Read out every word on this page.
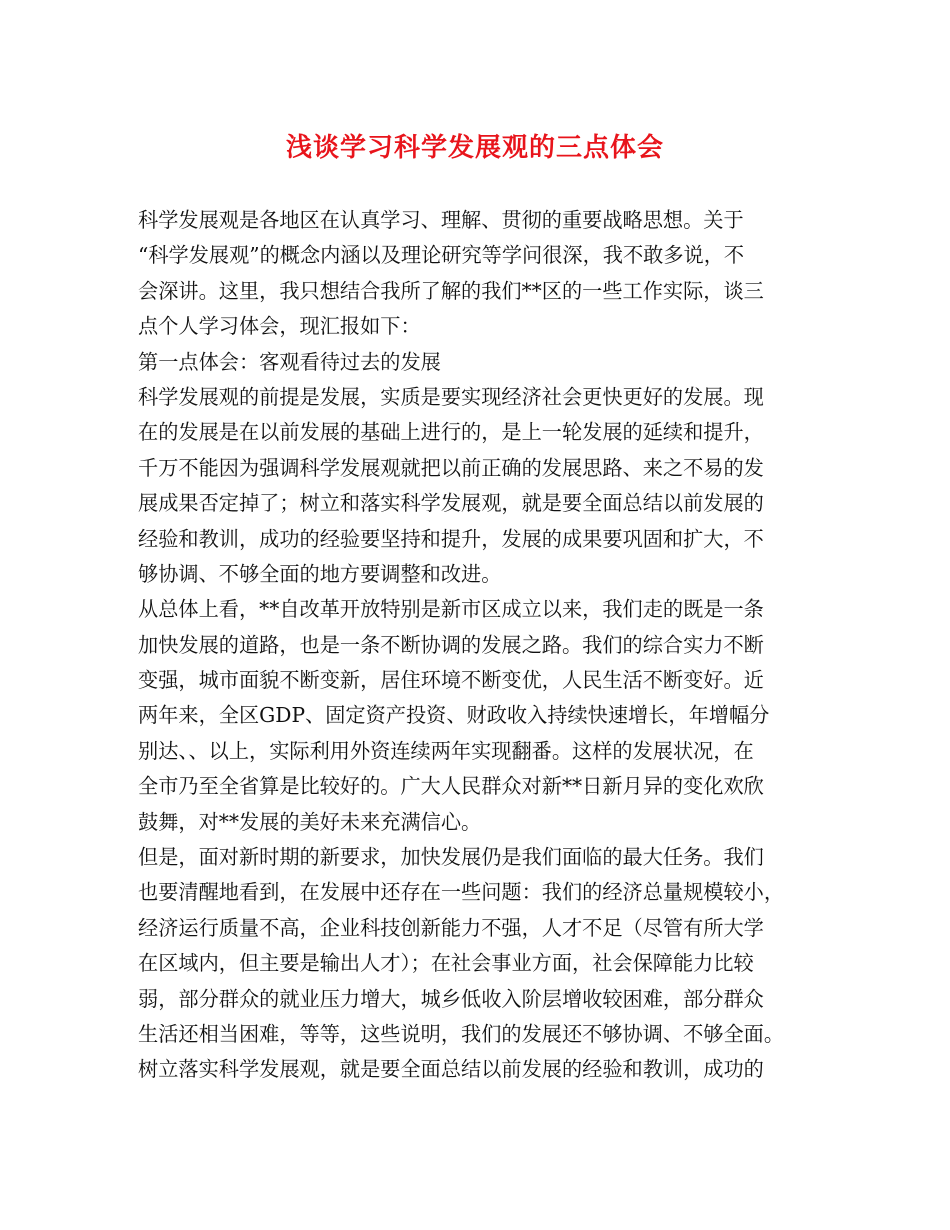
浅谈学习科学发展观的三点体会
科学发展观是各地区在认真学习、理解、贯彻的重要战略思想。关于
“科学发展观”的概念内涵以及理论研究等学问很深，我不敢多说，不
会深讲。这里，我只想结合我所了解的我们**区的一些工作实际，谈三
点个人学习体会，现汇报如下：
第一点体会：客观看待过去的发展
科学发展观的前提是发展，实质是要实现经济社会更快更好的发展。现
在的发展是在以前发展的基础上进行的，是上一轮发展的延续和提升，
千万不能因为强调科学发展观就把以前正确的发展思路、来之不易的发
展成果否定掉了；树立和落实科学发展观，就是要全面总结以前发展的
经验和教训，成功的经验要坚持和提升，发展的成果要巩固和扩大，不
够协调、不够全面的地方要调整和改进。
从总体上看，**自改革开放特别是新市区成立以来，我们走的既是一条
加快发展的道路，也是一条不断协调的发展之路。我们的综合实力不断
变强，城市面貌不断变新，居住环境不断变优，人民生活不断变好。近
两年来，全区GDP、固定资产投资、财政收入持续快速增长，年增幅分
别达、、以上，实际利用外资连续两年实现翻番。这样的发展状况，在
全市乃至全省算是比较好的。广大人民群众对新**日新月异的变化欢欣
鼓舞，对**发展的美好未来充满信心。
但是，面对新时期的新要求，加快发展仍是我们面临的最大任务。我们
也要清醒地看到，在发展中还存在一些问题：我们的经济总量规模较小，
经济运行质量不高，企业科技创新能力不强，人才不足（尽管有所大学
在区域内，但主要是输出人才）；在社会事业方面，社会保障能力比较
弱，部分群众的就业压力增大，城乡低收入阶层增收较困难，部分群众
生活还相当困难，等等，这些说明，我们的发展还不够协调、不够全面。
树立落实科学发展观，就是要全面总结以前发展的经验和教训，成功的
